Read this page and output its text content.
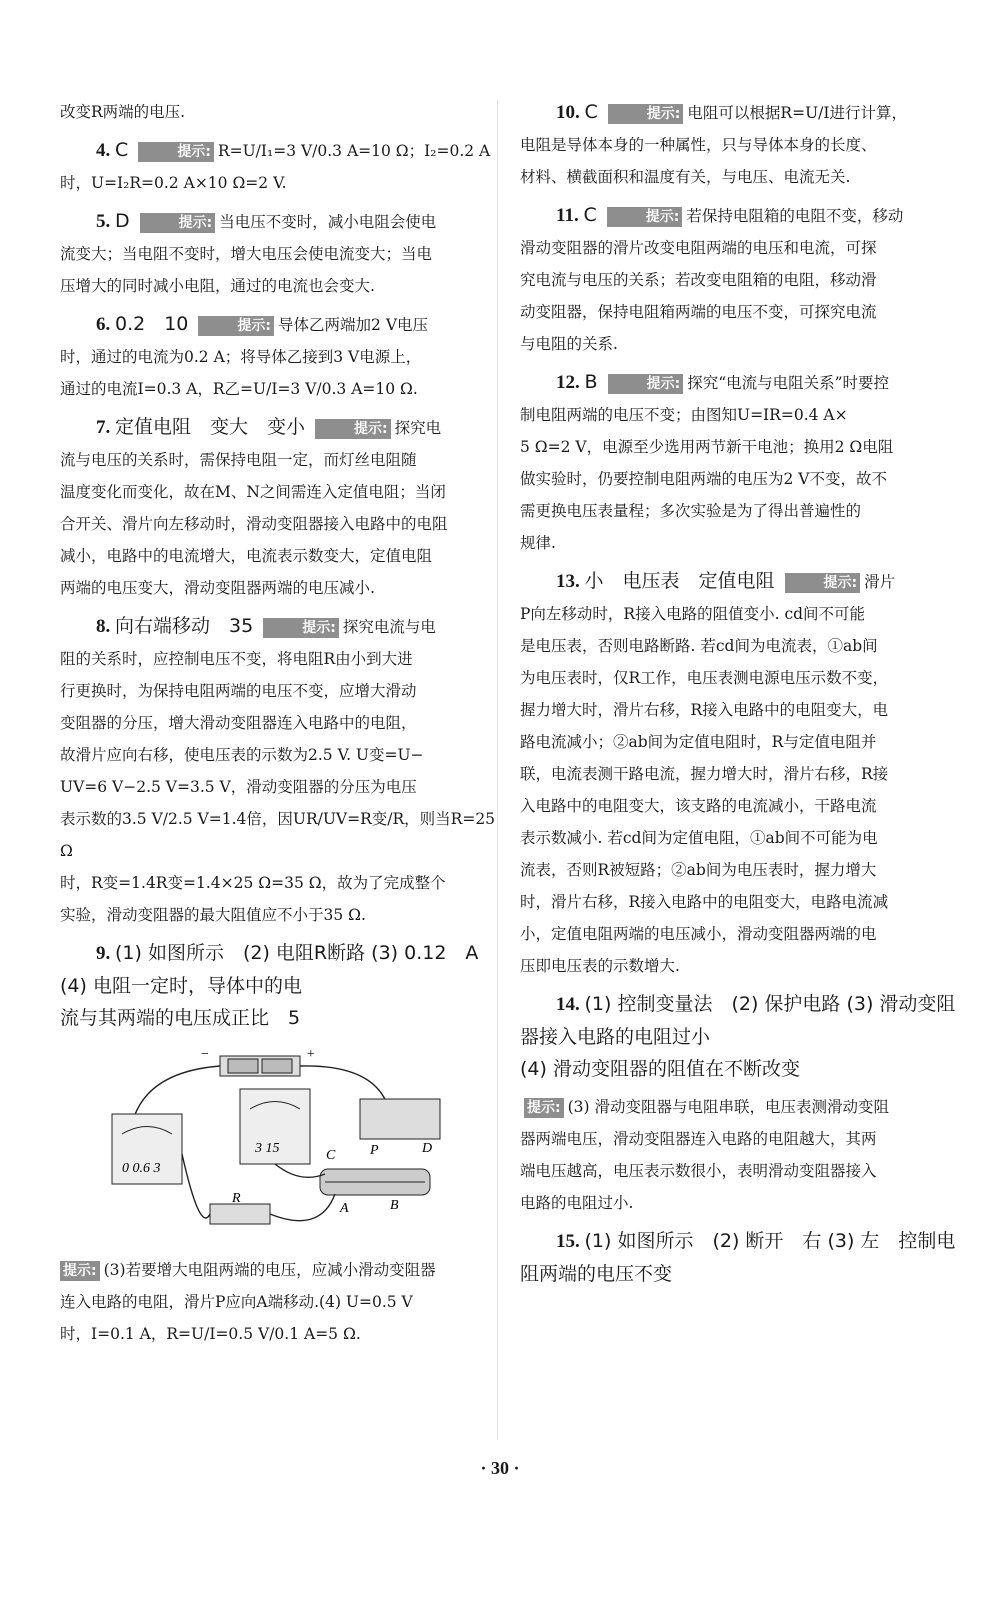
改变R两端的电压.
4. C	提示: R=U/I₁=3 V/0.3 A=10 Ω；I₂=0.2 A
时，U=I₂R=0.2 A×10 Ω=2 V.
5. D	提示: 当电压不变时，减小电阻会使电
流变大；当电阻不变时，增大电压会使电流变大；当电
压增大的同时减小电阻，通过的电流也会变大.
6. 0.2　10	提示: 导体乙两端加2 V电压
时，通过的电流为0.2 A；将导体乙接到3 V电源上，
通过的电流I=0.3 A，R乙=U/I=3 V/0.3 A=10 Ω.
7. 定值电阻　变大　变小	提示: 探究电
流与电压的关系时，需保持电阻一定，而灯丝电阻随
温度变化而变化，故在M、N之间需连入定值电阻；当闭
合开关、滑片向左移动时，滑动变阻器接入电路中的电阻
减小，电路中的电流增大，电流表示数变大，定值电阻
两端的电压变大，滑动变阻器两端的电压减小.
8. 向右端移动　35	提示: 探究电流与电
阻的关系时，应控制电压不变，将电阻R由小到大进
行更换时，为保持电阻两端的电压不变，应增大滑动
变阻器的分压，增大滑动变阻器连入电路中的电阻，
故滑片应向右移，使电压表的示数为2.5 V. U变=U−
UV=6 V−2.5 V=3.5 V，滑动变阻器的分压为电压
表示数的3.5 V/2.5 V=1.4倍，因UR/UV=R变/R，则当R=25 Ω
时，R变=1.4R变=1.4×25 Ω=35 Ω，故为了完成整个
实验，滑动变阻器的最大阻值应不小于35 Ω.
9. (1) 如图所示　(2) 电阻R断路 (3) 0.12　A　(4) 电阻一定时，导体中的电
流与其两端的电压成正比　5
−	+
R
A	B
C	D
P
0 0.6 3
3 15
提示: (3)若要增大电阻两端的电压，应减小滑动变阻器
连入电路的电阻，滑片P应向A端移动.(4) U=0.5 V
时，I=0.1 A，R=U/I=0.5 V/0.1 A=5 Ω.
10. C	提示: 电阻可以根据R=U/I进行计算，
电阻是导体本身的一种属性，只与导体本身的长度、
材料、横截面积和温度有关，与电压、电流无关.
11. C	提示: 若保持电阻箱的电阻不变，移动
滑动变阻器的滑片改变电阻两端的电压和电流，可探
究电流与电压的关系；若改变电阻箱的电阻，移动滑
动变阻器，保持电阻箱两端的电压不变，可探究电流
与电阻的关系.
12. B	提示: 探究“电流与电阻关系”时要控
制电阻两端的电压不变；由图知U=IR=0.4 A×
5 Ω=2 V，电源至少选用两节新干电池；换用2 Ω电阻
做实验时，仍要控制电阻两端的电压为2 V不变，故不
需更换电压表量程；多次实验是为了得出普遍性的
规律.
13. 小　电压表　定值电阻	提示: 滑片
P向左移动时，R接入电路的阻值变小. cd间不可能
是电压表，否则电路断路. 若cd间为电流表，①ab间
为电压表时，仅R工作，电压表测电源电压示数不变，
握力增大时，滑片右移，R接入电路中的电阻变大，电
路电流减小；②ab间为定值电阻时，R与定值电阻并
联，电流表测干路电流，握力增大时，滑片右移，R接
入电路中的电阻变大，该支路的电流减小，干路电流
表示数减小. 若cd间为定值电阻，①ab间不可能为电
流表，否则R被短路；②ab间为电压表时，握力增大
时，滑片右移，R接入电路中的电阻变大，电路电流减
小，定值电阻两端的电压减小，滑动变阻器两端的电
压即电压表的示数增大.
14. (1) 控制变量法　(2) 保护电路 (3) 滑动变阻器接入电路的电阻过小
(4) 滑动变阻器的阻值在不断改变
提示: (3) 滑动变阻器与电阻串联，电压表测滑动变阻
器两端电压，滑动变阻器连入电路的电阻越大，其两
端电压越高，电压表示数很小，表明滑动变阻器接入
电路的电阻过小.
15. (1) 如图所示　(2) 断开　右 (3) 左　控制电阻两端的电压不变
· 30 ·
